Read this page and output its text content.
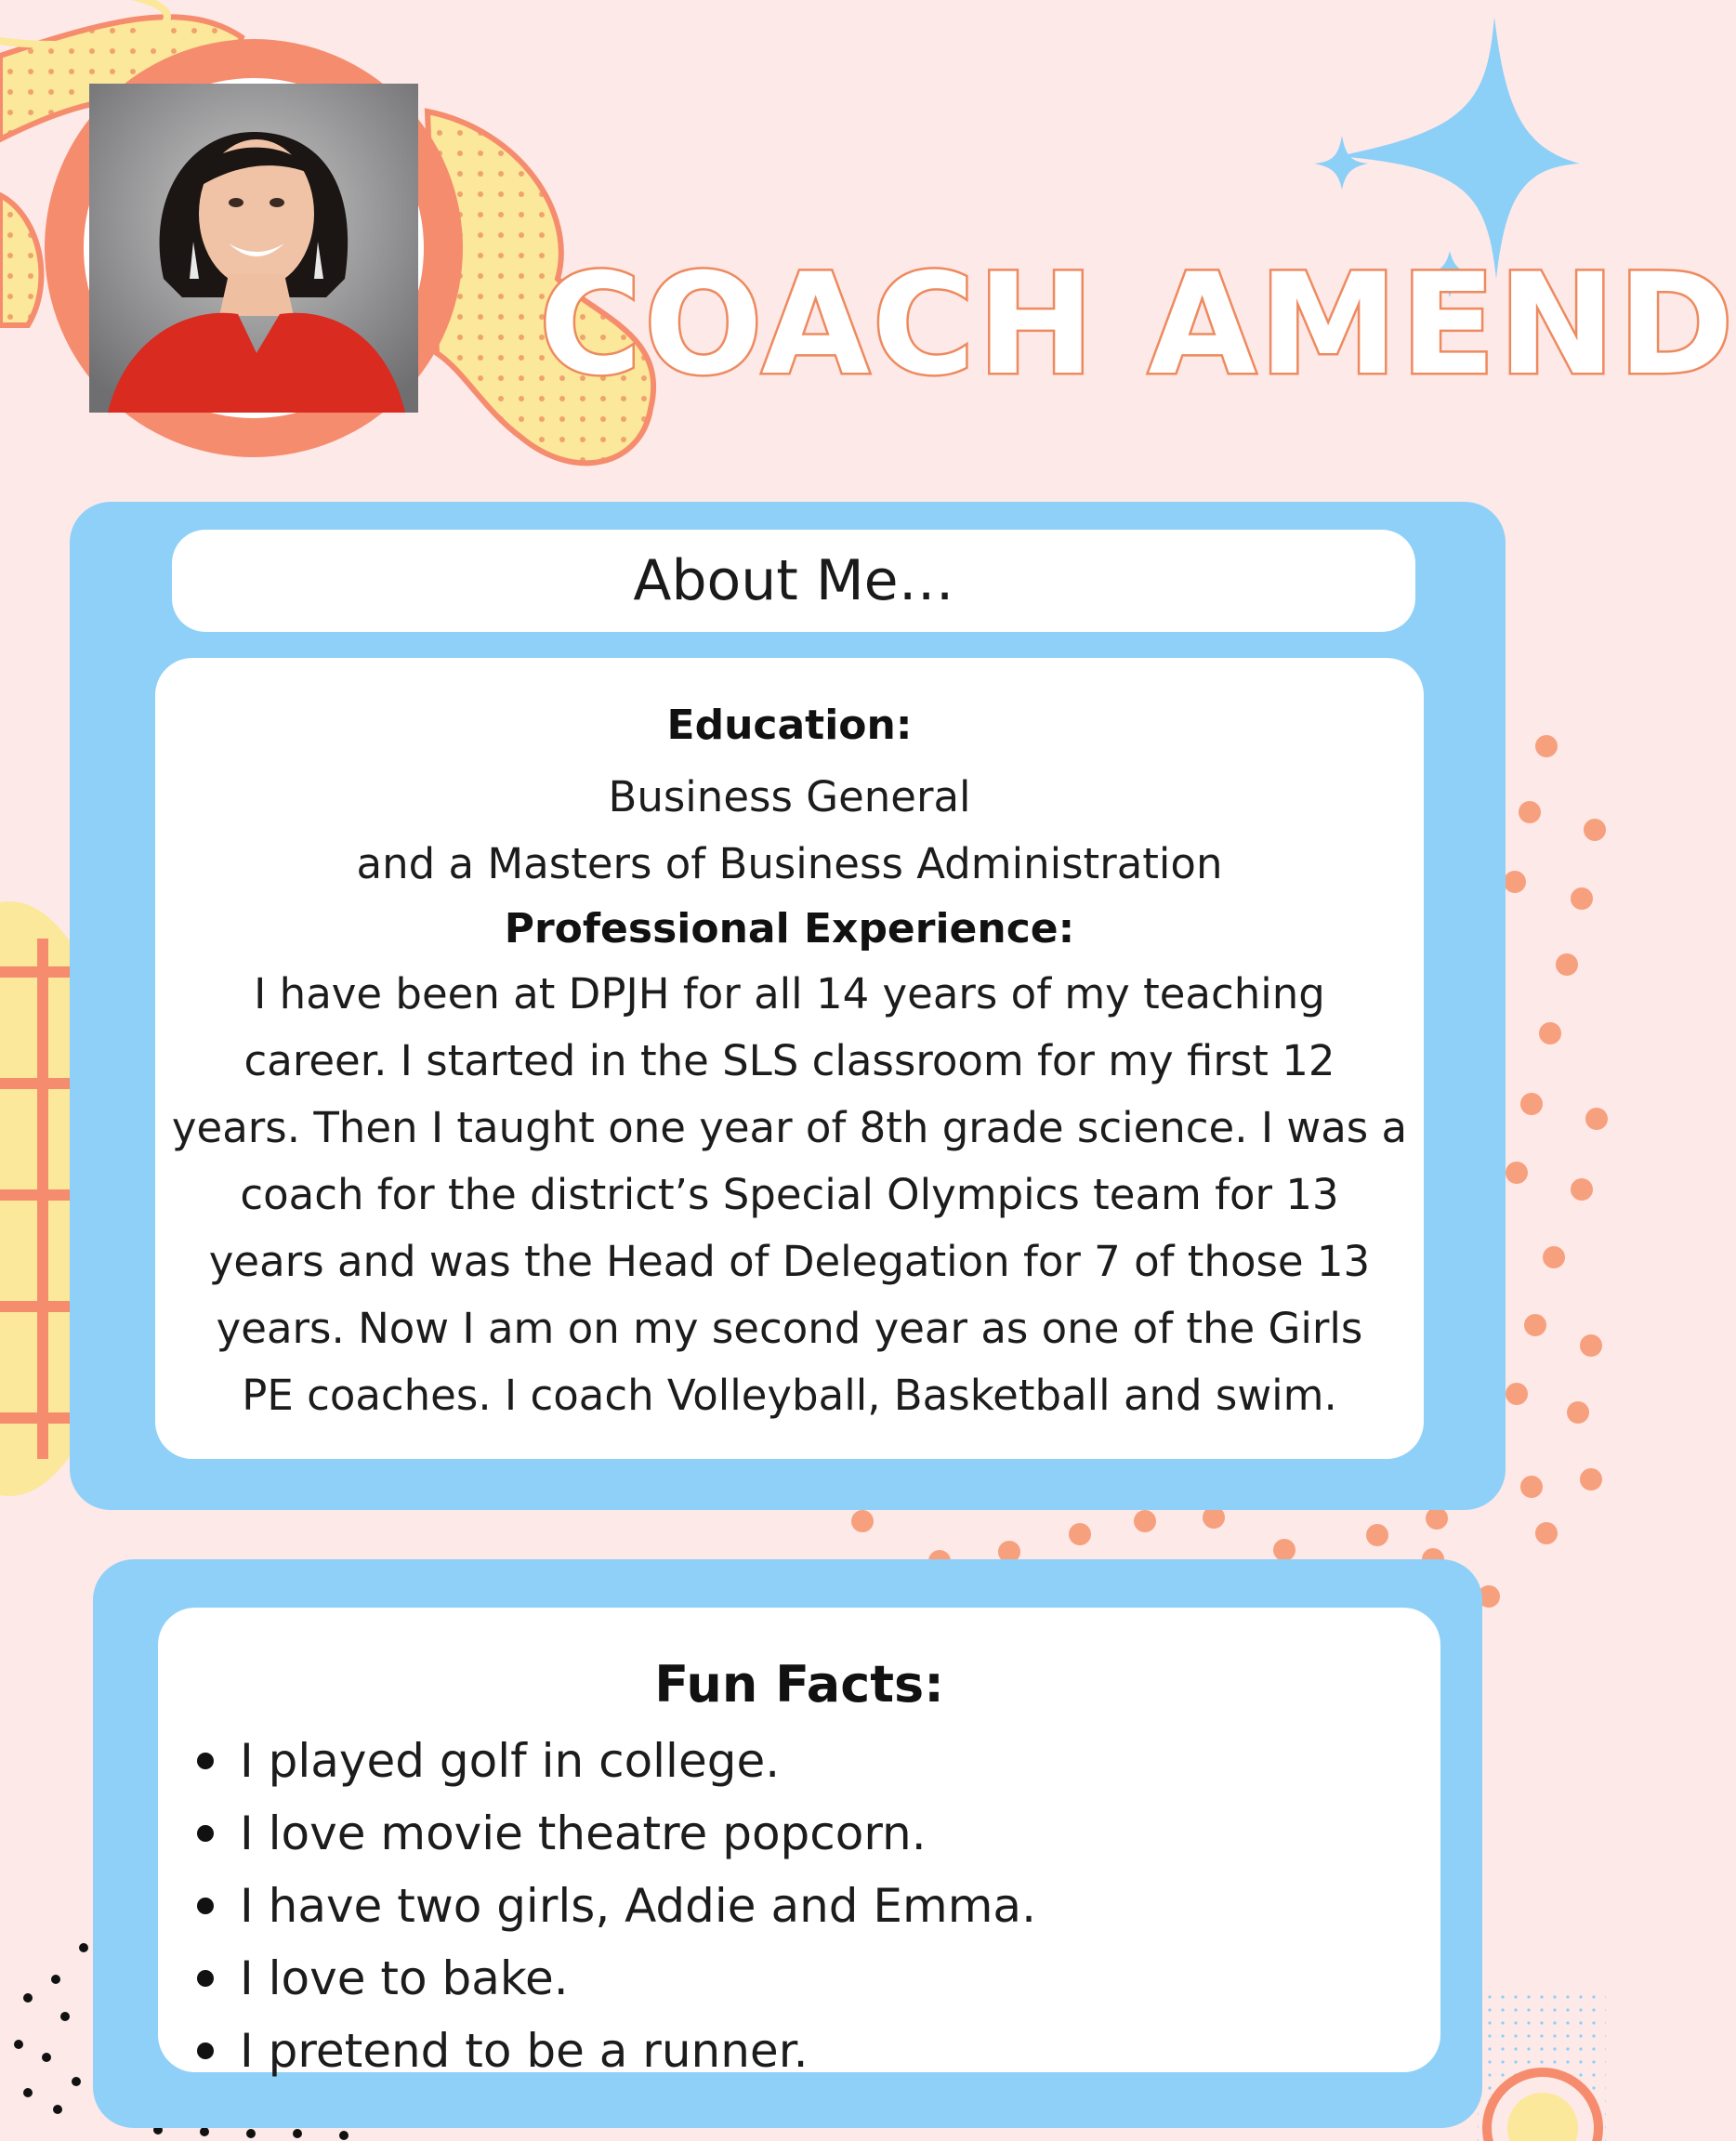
COACH AMEND
About Me…
Education:
Business General
and a Masters of Business Administration
Professional Experience:
I have been at DPJH for all 14 years of my teaching
career. I started in the SLS classroom for my first 12
years. Then I taught one year of 8th grade science. I was a
coach for the district’s Special Olympics team for 13
years and was the Head of Delegation for 7 of those 13
years. Now I am on my second year as one of the Girls
PE coaches. I coach Volleyball, Basketball and swim.
Fun Facts:
I played golf in college.
I love movie theatre popcorn.
I have two girls, Addie and Emma.
I love to bake.
I pretend to be a runner.
